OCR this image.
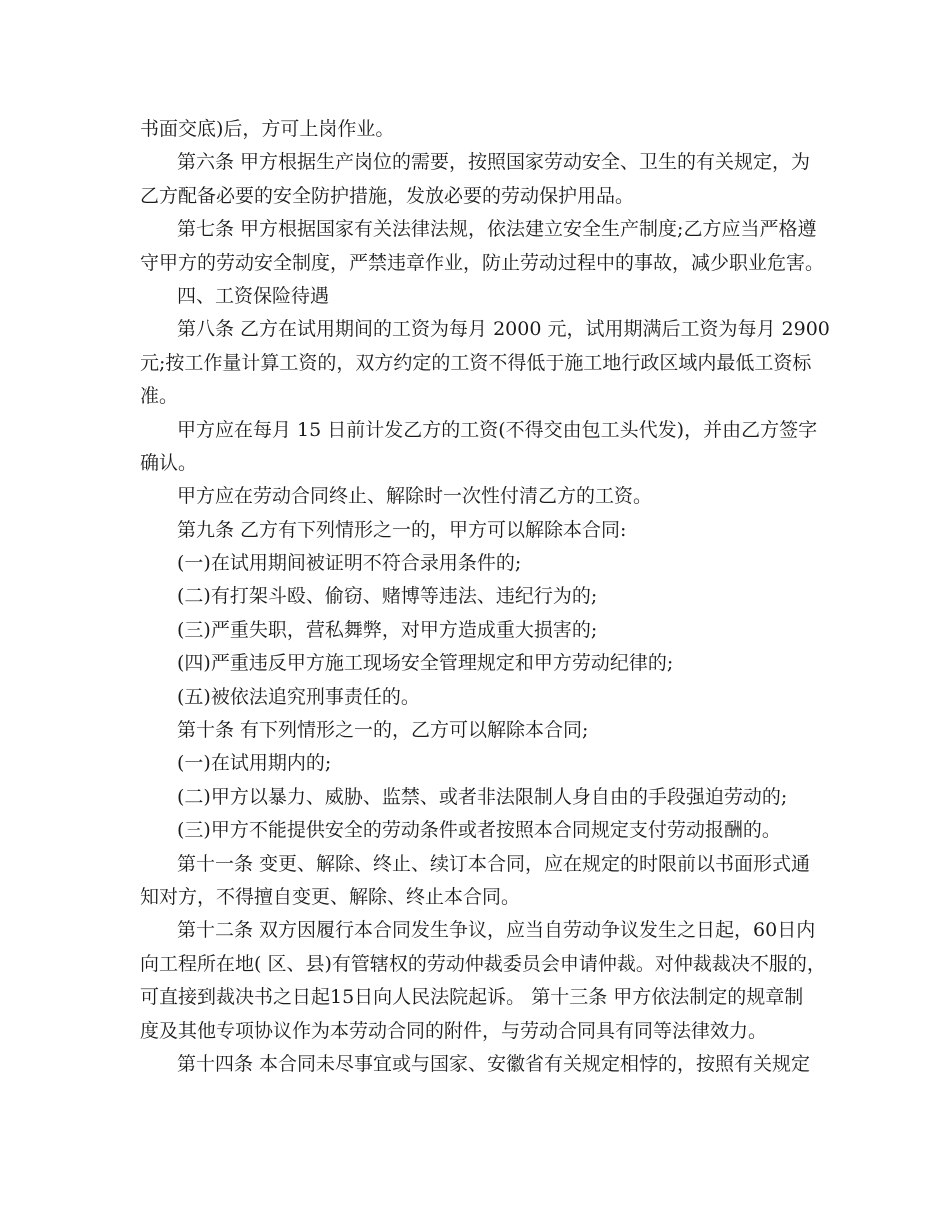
书面交底)后，方可上岗作业。
第六条 甲方根据生产岗位的需要，按照国家劳动安全、卫生的有关规定，为
乙方配备必要的安全防护措施，发放必要的劳动保护用品。
第七条 甲方根据国家有关法律法规，依法建立安全生产制度;乙方应当严格遵
守甲方的劳动安全制度，严禁违章作业，防止劳动过程中的事故，减少职业危害。
四、工资保险待遇
第八条 乙方在试用期间的工资为每月 2000 元，试用期满后工资为每月 2900
元;按工作量计算工资的，双方约定的工资不得低于施工地行政区域内最低工资标
准。
甲方应在每月 15 日前计发乙方的工资(不得交由包工头代发)，并由乙方签字
确认。
甲方应在劳动合同终止、解除时一次性付清乙方的工资。
第九条 乙方有下列情形之一的，甲方可以解除本合同:
(一)在试用期间被证明不符合录用条件的;
(二)有打架斗殴、偷窃、赌博等违法、违纪行为的;
(三)严重失职，营私舞弊，对甲方造成重大损害的;
(四)严重违反甲方施工现场安全管理规定和甲方劳动纪律的;
(五)被依法追究刑事责任的。
第十条 有下列情形之一的，乙方可以解除本合同;
(一)在试用期内的;
(二)甲方以暴力、威胁、监禁、或者非法限制人身自由的手段强迫劳动的;
(三)甲方不能提供安全的劳动条件或者按照本合同规定支付劳动报酬的。
第十一条 变更、解除、终止、续订本合同，应在规定的时限前以书面形式通
知对方，不得擅自变更、解除、终止本合同。
第十二条 双方因履行本合同发生争议，应当自劳动争议发生之日起，60日内
向工程所在地( 区、县)有管辖权的劳动仲裁委员会申请仲裁。对仲裁裁决不服的，
可直接到裁决书之日起15日向人民法院起诉。 第十三条 甲方依法制定的规章制
度及其他专项协议作为本劳动合同的附件，与劳动合同具有同等法律效力。
第十四条 本合同未尽事宜或与国家、安徽省有关规定相悖的，按照有关规定
